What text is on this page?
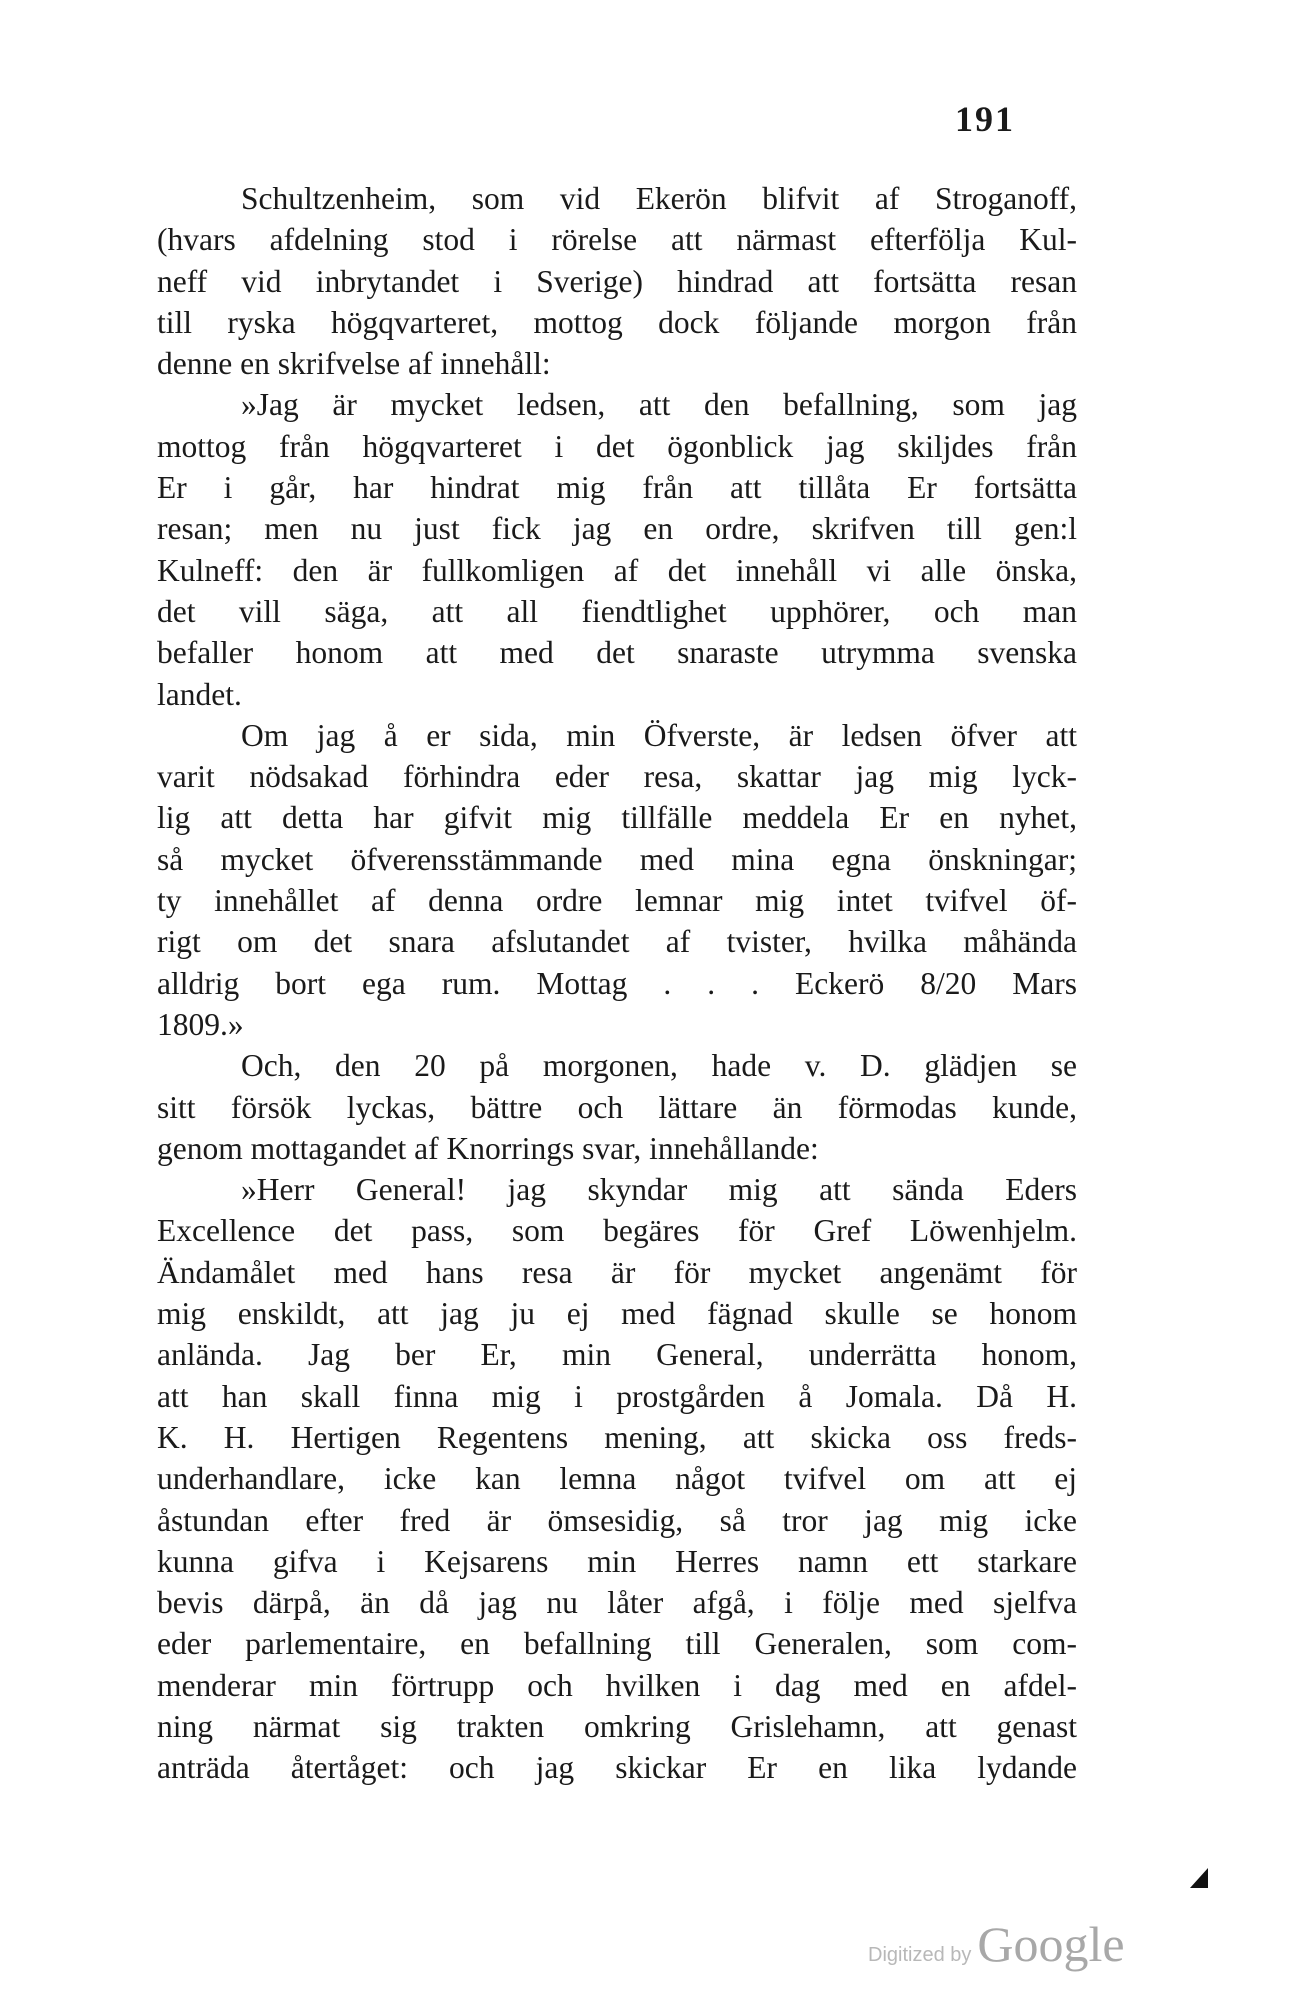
191
Schultzenheim, som vid Ekerön blifvit af Stroganoff,
(hvars afdelning stod i rörelse att närmast efterfölja Kul-
neff vid inbrytandet i Sverige) hindrad att fortsätta resan
till ryska högqvarteret, mottog dock följande morgon från
denne en skrifvelse af innehåll:
»Jag är mycket ledsen, att den befallning, som jag
mottog från högqvarteret i det ögonblick jag skiljdes från
Er i går, har hindrat mig från att tillåta Er fortsätta
resan; men nu just fick jag en ordre, skrifven till gen:l
Kulneff: den är fullkomligen af det innehåll vi alle önska,
det vill säga, att all fiendtlighet upphörer, och man
befaller honom att med det snaraste utrymma svenska
landet.
Om jag å er sida, min Öfverste, är ledsen öfver att
varit nödsakad förhindra eder resa, skattar jag mig lyck-
lig att detta har gifvit mig tillfälle meddela Er en nyhet,
så mycket öfverensstämmande med mina egna önskningar;
ty innehållet af denna ordre lemnar mig intet tvifvel öf-
rigt om det snara afslutandet af tvister, hvilka måhända
alldrig bort ega rum. Mottag . . . Eckerö 8/20 Mars
1809.»
Och, den 20 på morgonen, hade v. D. glädjen se
sitt försök lyckas, bättre och lättare än förmodas kunde,
genom mottagandet af Knorrings svar, innehållande:
»Herr General! jag skyndar mig att sända Eders
Excellence det pass, som begäres för Gref Löwenhjelm.
Ändamålet med hans resa är för mycket angenämt för
mig enskildt, att jag ju ej med fägnad skulle se honom
anlända. Jag ber Er, min General, underrätta honom,
att han skall finna mig i prostgården å Jomala. Då H.
K. H. Hertigen Regentens mening, att skicka oss freds-
underhandlare, icke kan lemna något tvifvel om att ej
åstundan efter fred är ömsesidig, så tror jag mig icke
kunna gifva i Kejsarens min Herres namn ett starkare
bevis därpå, än då jag nu låter afgå, i följe med sjelfva
eder parlementaire, en befallning till Generalen, som com-
menderar min förtrupp och hvilken i dag med en afdel-
ning närmat sig trakten omkring Grislehamn, att genast
anträda återtåget: och jag skickar Er en lika lydande
Digitized by Google
